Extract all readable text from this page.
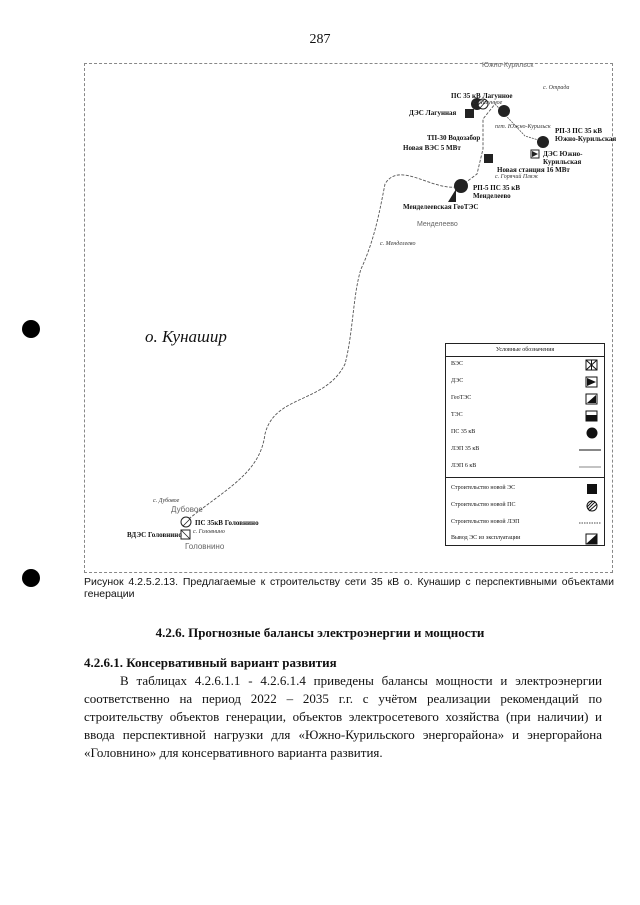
287
Южно-Курильск
с. Отрада
ПС 35 кВ Лагунное
с. Лагунное
ДЭС Лагунная
пгт. Южно-Курильск РП-3 ПС 35 кВ
Южно-Курильская
ТП-30 Водозабор
Новая ВЭС 5 МВт
ДЭС Южно-Курильская
Новая станция 16 МВт
с. Горячий Пляж
РП-5 ПС 35 кВ Менделеево
Менделеевская ГеоТЭС
Менделеево
с. Менделеево
о. Кунашир
с. Дубовое
Дубовое
ПС 35кВ Головнино
с. Головнино
ВДЭС Головнино
Головнино
Условные обозначения
ВЭС
ДЭС
ГеоТЭС
ТЭС
ПС 35 кВ
ЛЭП 35 кВ
ЛЭП 6 кВ
Строительство новой ЭС
Строительство новой ПС
Строительство новой ЛЭП
Вывод ЭС из эксплуатации
Рисунок 4.2.5.2.13. Предлагаемые к строительству сети 35 кВ о. Кунашир с перспективными объектами генерации
4.2.6. Прогнозные балансы электроэнергии и мощности
4.2.6.1. Консервативный вариант развития
В таблицах 4.2.6.1.1 - 4.2.6.1.4 приведены балансы мощности и электроэнергии соответственно на период 2022 – 2035 г.г. с учётом реализации рекомендаций по строительству объектов генерации, объектов электросетевого хозяйства (при наличии) и ввода перспективной нагрузки для «Южно-Курильского энергорайона» и энергорайона «Головнино» для консервативного варианта развития.
